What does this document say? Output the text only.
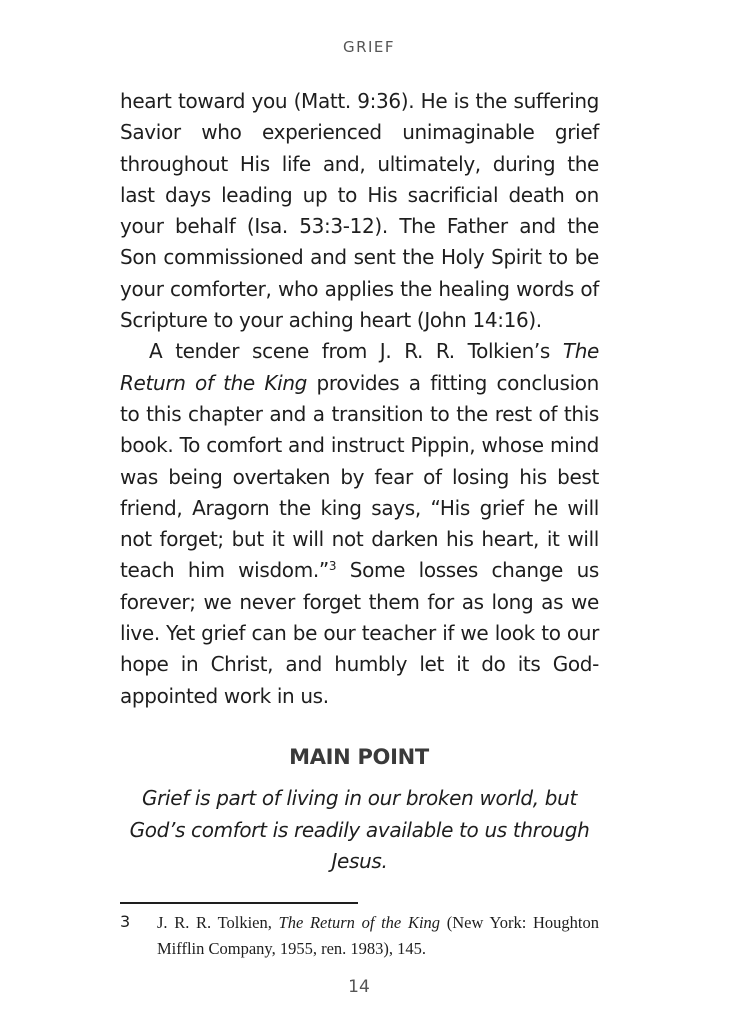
GRIEF

heart toward you (Matt. 9:36). He is the suffering Savior who experienced unimaginable grief throughout His life and, ultimately, during the last days leading up to His sacrificial death on your behalf (Isa. 53:3-12). The Father and the Son commissioned and sent the Holy Spirit to be your comforter, who applies the healing words of Scripture to your aching heart (John 14:16).

A tender scene from J. R. R. Tolkien’s The Return of the King provides a fitting conclusion to this chapter and a transition to the rest of this book. To comfort and instruct Pippin, whose mind was being overtaken by fear of losing his best friend, Aragorn the king says, “His grief he will not forget; but it will not darken his heart, it will teach him wisdom.”$^3$ Some losses change us forever; we never forget them for as long as we live. Yet grief can be our teacher if we look to our hope in Christ, and humbly let it do its God-appointed work in us.

MAIN POINT
Grief is part of living in our broken world, but God’s comfort is readily available to us through Jesus.
3 J. R. R. Tolkien, The Return of the King (New York: Houghton Mifflin Company, 1955, ren. 1983), 145.
14
